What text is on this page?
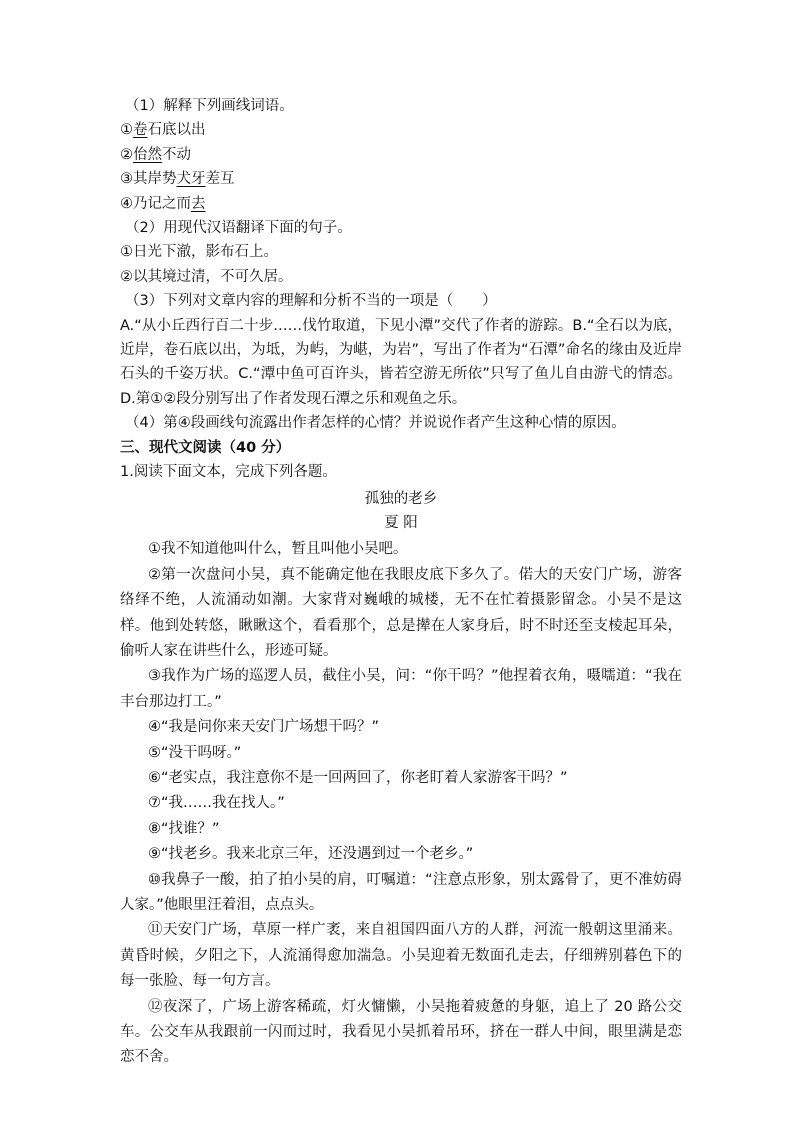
（1）解释下列画线词语。
①卷石底以出
②佁然不动
③其岸势犬牙差互
④乃记之而去
（2）用现代汉语翻译下面的句子。
①日光下澈，影布石上。
②以其境过清，不可久居。
（3）下列对文章内容的理解和分析不当的一项是（　　）

A.“从小丘西行百二十步……伐竹取道，下见小潭”交代了作者的游踪。B.“全石以为底，近岸，卷石底以出，为坻，为屿，为嵁，为岩”，写出了作者为“石潭”命名的缘由及近岸石头的千姿万状。C.“潭中鱼可百许头，皆若空游无所依”只写了鱼儿自由游弋的情态。D.第①②段分别写出了作者发现石潭之乐和观鱼之乐。

（4）第④段画线句流露出作者怎样的心情？并说说作者产生这种心情的原因。
三、现代文阅读（40 分）
1.阅读下面文本，完成下列各题。
孤独的老乡
夏 阳
①我不知道他叫什么，暂且叫他小吴吧。
②第一次盘问小吴，真不能确定他在我眼皮底下多久了。偌大的天安门广场，游客络绎不绝，人流涌动如潮。大家背对巍峨的城楼，无不在忙着摄影留念。小吴不是这样。他到处转悠，瞅瞅这个，看看那个，总是撵在人家身后，时不时还至支棱起耳朵，偷听人家在讲些什么，形迹可疑。
③我作为广场的巡逻人员，截住小吴，问：“你干吗？”他捏着衣角，嗫嚅道：“我在丰台那边打工。”
④“我是问你来天安门广场想干吗？”
⑤“没干吗呀。”
⑥“老实点，我注意你不是一回两回了，你老盯着人家游客干吗？”
⑦“我……我在找人。”
⑧“找谁？”
⑨“找老乡。我来北京三年，还没遇到过一个老乡。”
⑩我鼻子一酸，拍了拍小吴的肩，叮嘱道：“注意点形象，别太露骨了，更不准妨碍人家。”他眼里汪着泪，点点头。
⑪天安门广场，草原一样广袤，来自祖国四面八方的人群，河流一般朝这里涌来。黄昏时候，夕阳之下，人流涌得愈加湍急。小吴迎着无数面孔走去，仔细辨别暮色下的每一张脸、每一句方言。
⑫夜深了，广场上游客稀疏，灯火慵懒，小吴拖着疲惫的身躯，追上了 20 路公交车。公交车从我跟前一闪而过时，我看见小吴抓着吊环，挤在一群人中间，眼里满是恋恋不舍。
